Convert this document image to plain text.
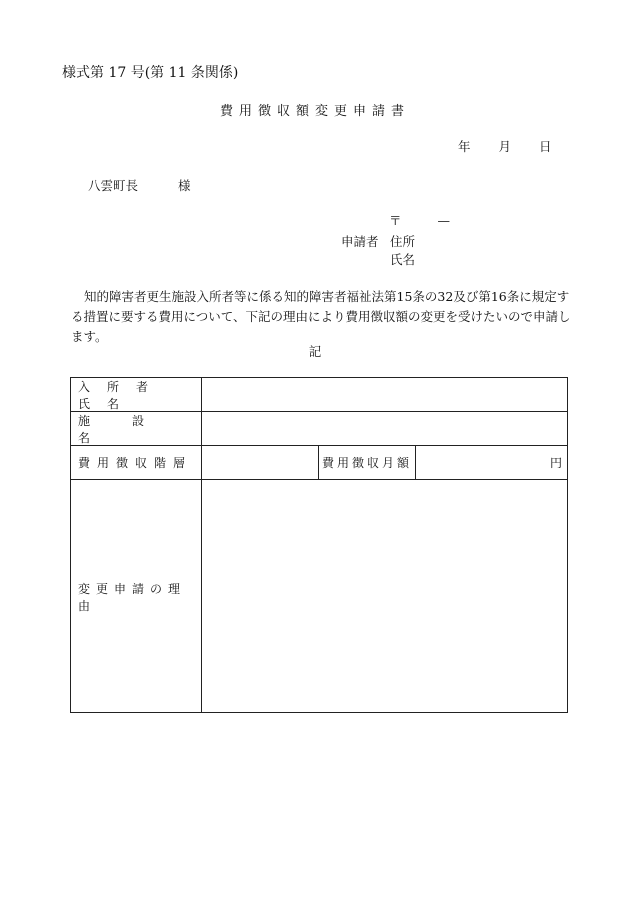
様式第 17 号(第 11 条関係)
費用徴収額変更申請書
年 月 日
八雲町長	様
〒	—
申請者 住所
氏名
知的障害者更生施設入所者等に係る知的障害者福祉法第15条の32及び第16条に規定する措置に要する費用について、下記の理由により費用徴収額の変更を受けたいので申請します。
記
入所者氏名
施設名
費用徴収階層	費用徴収月額	円
変更申請の理由
